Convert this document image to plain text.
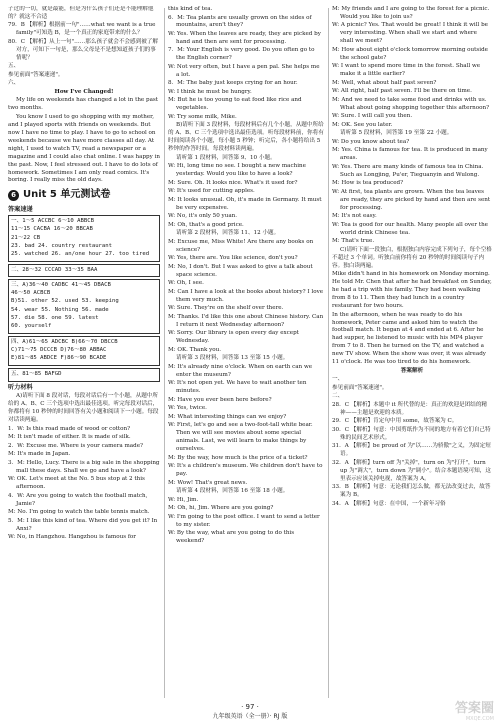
子过的一切，就是最能，但是为什么孩子们还是不能理解他的？就这不合适

79．B 【解析】根据前一句"……what we want is a true family"可知选 B，是一个真正的家庭带来的什么？

80．C 【解析】从上一句"……那么孩子就会不会感到被了解对方，可知下一句是，那么父母是不是想知道孩子们的事情呢？

五、

参见前面"答案速递"。

六、

How I've Changed!

My life on weekends has changed a lot in the past two months.

You know I used to go shopping with my mother, and I played sports with friends on weekends. But now I have no time to play. I have to go to school on weekends because we have more classes all day. At night, I used to watch TV, read a newspaper or a magazine and I could also chat online. I was happy in the past. Now, I feel stressed out. I have to do lots of homework. Sometimes I am only read comics. It's boring. I really miss the old days.

6 Unit 5 单元测试卷
答案速递

一、1～5 ACCBC 6～10 ABBCB

11～15 CACBA 16～20 BBCAB

21～22 CB

23. bad 24. country restaurant

25. watched 26. an/one hour 27. too tired

二、28～32 CCCAD 33～35 BAA

三、A)36～40 CADBC 41～45 DBACB

46～50 ACBCB

B)51. other 52. used 53. keeping

54. wear 55. Nothing 56. made

57. die 58. one 59. latest

60. yourself

四、A)61～65 ADCBC B)66～70 DBCCB

C)71～75 DCCCB D)76～80 ABBAC

E)81～85 ABDCE F)86～90 BCADE

五、81～85 BAFGD

听力材料

A)请听下面 8 段对话，每段对话后有一个小题，从题中所给的 A、B、C 三个选项中选出最佳选项。听完每段对话后，你都将有 10 秒钟的时间回答有关小题和阅读下一小题。每段对话读两遍。

1．W: Is this road made of wood or cotton?

M: It isn't made of either. It is made of silk.

2．W: Excuse me. Where is your camera made?

M: It's made in Japan.

3．M: Hello, Lucy. There is a big sale in the shopping mall these days. Shall we go and have a look?

W: OK. Let's meet at the No. 5 bus stop at 2 this afternoon.

4．W: Are you going to watch the football match, Jamie?

M: No. I'm going to watch the table tennis match.

5．M: I like this kind of tea. Where did you get it? In Anxi?

W: No, in Hangzhou. Hangzhou is famous for

this kind of tea.

6．M: Tea plants are usually grown on the sides of mountains, aren't they?

W: Yes. When the leaves are ready, they are picked by hand and then are sent for processing.

7．M: Your English is very good. Do you often go to the English corner?

W: Not very often, but I have a pen pal. She helps me a lot.

8．M: The baby just keeps crying for an hour.

W: I think he must be hungry.

M: But he is too young to eat food like rice and vegetables.

W: Try some milk, Mike.

B)请听下面 3 段材料，每段材料后有几个小题，从题中所给的 A、B、C 三个选项中选出最佳选项。听每段材料前，你将有时间阅读各个小题，每小题 5 秒钟；听完后，各小题将给出 5 秒钟的作答时间。每段材料读两遍。

请听第 1 段材料，回答第 9、10 小题。

W: Hi, long time no see. I bought a new machine yesterday. Would you like to have a look?

M: Sure. Oh. It looks nice. What's it used for?

W: It's used for cutting apples.

M: It looks unusual. Oh, it's made in Germany. It must be very expensive.

W: No, it's only 50 yuan.

M: Oh, that's a good price.

请听第 2 段材料，回答第 11、12 小题。

M: Excuse me, Miss White! Are there any books on science?

W: Yes, there are. You like science, don't you?

M: No, I don't. But I was asked to give a talk about space science.

W: Oh, I see.

M: Can I have a look at the books about history? I love them very much.

W: Sure. They're on the shelf over there.

M: Thanks. I'd like this one about Chinese history. Can I return it next Wednesday afternoon?

W: Sorry. Our library is open every day except Wednesday.

M: OK. Thank you.

请听第 3 段材料，回答第 13 至第 15 小题。

M: It's already nine o'clock. When on earth can we enter the museum?

W: It's not open yet. We have to wait another ten minutes.

M: Have you ever been here before?

W: Yes, twice.

M: What interesting things can we enjoy?

W: First, let's go and see a two-foot-tall white bear. Then we will see movies about some special animals. Last, we will learn to make things by ourselves.

M: By the way, how much is the price of a ticket?

W: It's a children's museum. We children don't have to pay.

M: Wow! That's great news.

请听第 4 段材料，回答第 16 至第 18 小题。

W: Hi, Jim.

M: Oh, hi, Jim. Where are you going?

W: I'm going to the post office. I want to send a letter to my sister.

W: By the way, what are you going to do this weekend?

M: My friends and I are going to the forest for a picnic. Would you like to join us?

W: A picnic? Yes. That would be great! I think it will be very interesting. When shall we start and where shall we meet?

M: How about eight o'clock tomorrow morning outside the school gate?

W: I want to spend more time in the forest. Shall we make it a little earlier?

M: Well, what about half past seven?

W: All right, half past seven. I'll be there on time.

M: And we need to take some food and drinks with us. What about going shopping together this afternoon?

W: Sure. I will call you then.

M: OK. See you later.

请听第 5 段材料，回答第 19 至第 22 小题。

W: Do you know about tea?

M: Yes. China is famous for tea. It is produced in many areas.

W: Yes. There are many kinds of famous tea in China. Such as Longjing, Pu'er, Tieguanyin and Wulong.

M: How is tea produced?

W: At first, tea plants are grown. When the tea leaves are ready, they are picked by hand and then are sent for processing.

M: It's not easy.

W: Tea is good for our health. Many people all over the world drink Chinese tea.

M: That's true.

C)请听下面一段独白，根据独白内容完成下列句子，每个空格不超过 3 个单词。听独白前你将有 20 秒钟的时间阅读句子内容。独白读两遍。

Mike didn't hand in his homework on Monday morning. He told Mr. Chen that after he had breakfast on Sunday, he had a trip with his family. They had been walking from 8 to 11. Then they had lunch in a country restaurant for two hours.

In the afternoon, when he was ready to do his homework, Peter came and asked him to watch the football match. It began at 4 and ended at 6. After he had supper, he listened to music with his MP4 player from 7 to 8. Then he turned on the TV, and watched a new TV show. When the show was over, it was already 11 o'clock. He was too tired to do his homework.

答案解析

一、

参见前面"答案速递"。

二、

28．C 【解析】本题中 it 所代替的是：真正的欢迎是团结的精神——主题是欢迎的本质。

29．C 【解析】肯定句中用 some，故答案为 C。

30．C 【解析】句意：中国剪纸作为不同的地方有着它们自己特殊的民间艺术形式。

31．A 【解析】be proud of 为"以……为骄傲"之义，为固定短语。

32．A 【解析】turn off 为"关掉"，turn on 为"打开"，turn up 为"调大"，turn down 为"调小"。结合本题语境可知，这里表示应该关掉电视，故答案为 A。

33．B 【解析】句意：无论我们怎么做，都无法改变过去，故答案为 B。

34．A 【解析】句意：在中国，一个新年习俗

· 97 ·
九年级英语（全一册）· RJ 版
答案圈
MXQE.COM
